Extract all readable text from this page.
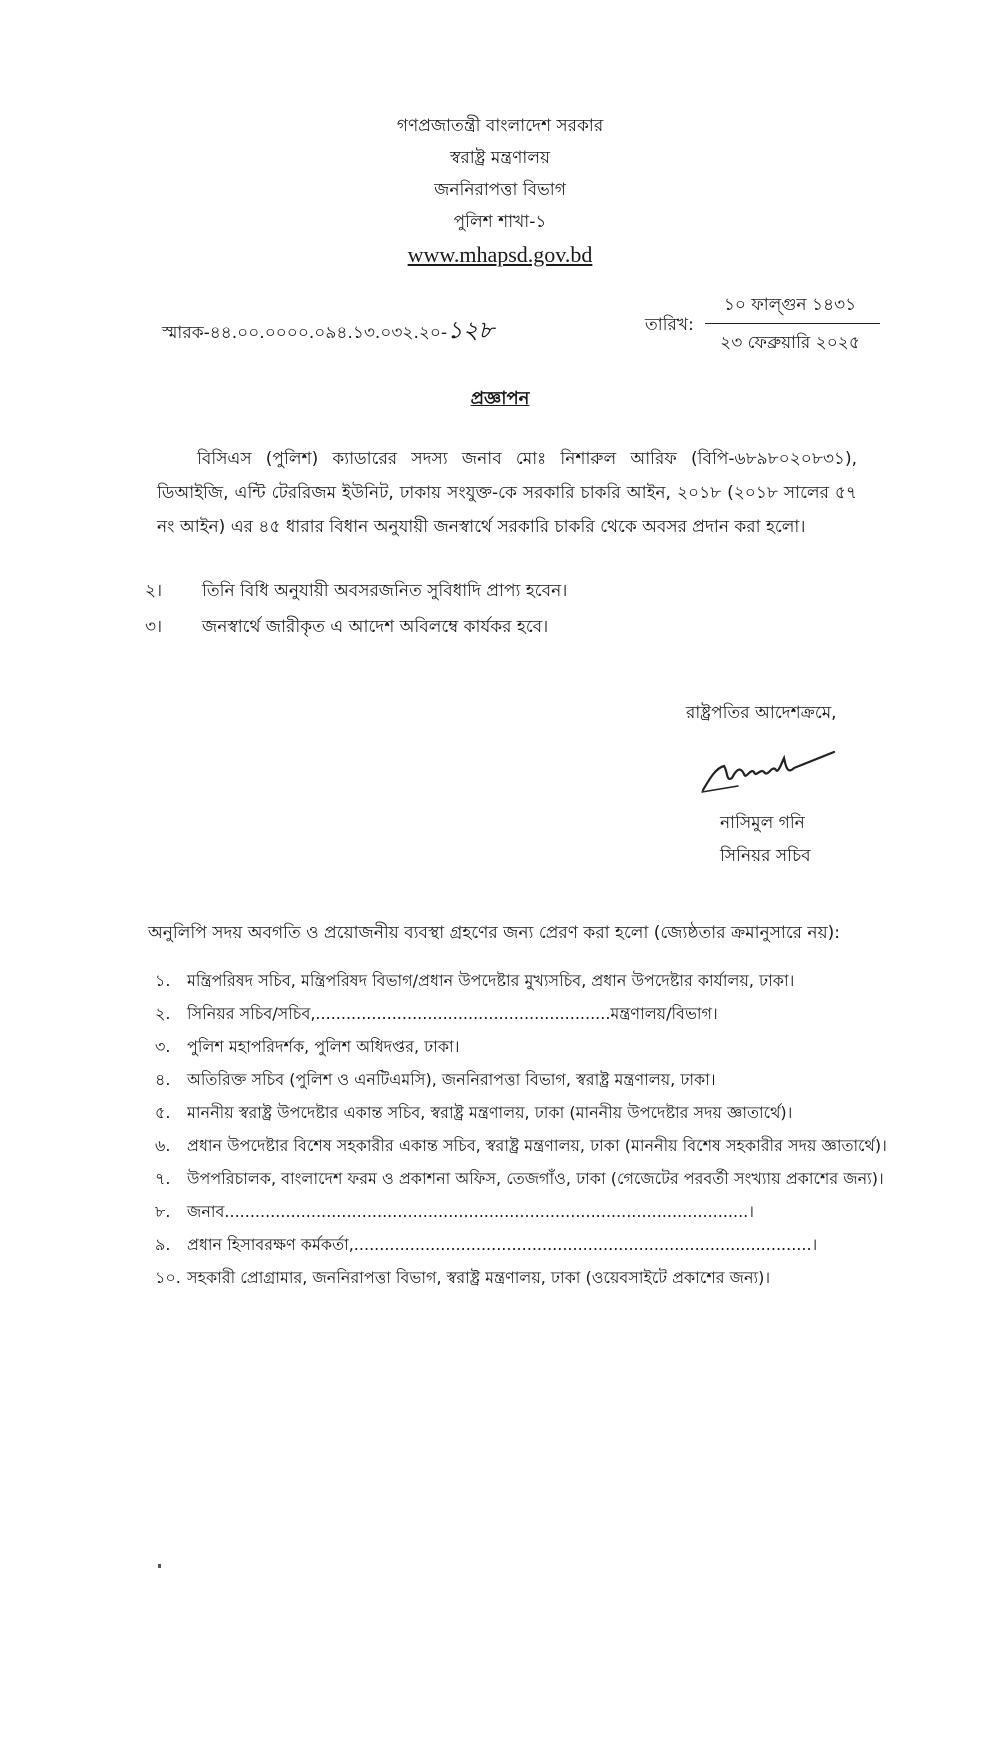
গণপ্রজাতন্ত্রী বাংলাদেশ সরকার
স্বরাষ্ট্র মন্ত্রণালয়
জননিরাপত্তা বিভাগ
পুলিশ শাখা-১
www.mhapsd.gov.bd
স্মারক-৪৪.০০.০০০০.০৯৪.১৩.০৩২.২০-১২৮	তারিখ:
১০ ফাল্গুন ১৪৩১
২৩ ফেব্রুয়ারি ২০২৫
প্রজ্ঞাপন
বিসিএস (পুলিশ) ক্যাডারের সদস্য জনাব মোঃ নিশারুল আরিফ (বিপি-৬৮৯৮০২০৮৩১), ডিআইজি, এন্টি টেররিজম ইউনিট, ঢাকায় সংযুক্ত-কে সরকারি চাকরি আইন, ২০১৮ (২০১৮ সালের ৫৭ নং আইন) এর ৪৫ ধারার বিধান অনুযায়ী জনস্বার্থে সরকারি চাকরি থেকে অবসর প্রদান করা হলো।
২। তিনি বিধি অনুযায়ী অবসরজনিত সুবিধাদি প্রাপ্য হবেন।
৩। জনস্বার্থে জারীকৃত এ আদেশ অবিলম্বে কার্যকর হবে।
রাষ্ট্রপতির আদেশক্রমে,
নাসিমুল গনি
সিনিয়র সচিব
অনুলিপি সদয় অবগতি ও প্রয়োজনীয় ব্যবস্থা গ্রহণের জন্য প্রেরণ করা হলো (জ্যেষ্ঠতার ক্রমানুসারে নয়):
১. মন্ত্রিপরিষদ সচিব, মন্ত্রিপরিষদ বিভাগ/প্রধান উপদেষ্টার মুখ্যসচিব, প্রধান উপদেষ্টার কার্যালয়, ঢাকা।
২. সিনিয়র সচিব/সচিব,..........................................................মন্ত্রণালয়/বিভাগ।
৩. পুলিশ মহাপরিদর্শক, পুলিশ অধিদপ্তর, ঢাকা।
৪. অতিরিক্ত সচিব (পুলিশ ও এনটিএমসি), জননিরাপত্তা বিভাগ, স্বরাষ্ট্র মন্ত্রণালয়, ঢাকা।
৫. মাননীয় স্বরাষ্ট্র উপদেষ্টার একান্ত সচিব, স্বরাষ্ট্র মন্ত্রণালয়, ঢাকা (মাননীয় উপদেষ্টার সদয় জ্ঞাতার্থে)।
৬. প্রধান উপদেষ্টার বিশেষ সহকারীর একান্ত সচিব, স্বরাষ্ট্র মন্ত্রণালয়, ঢাকা (মাননীয় বিশেষ সহকারীর সদয় জ্ঞাতার্থে)।
৭. উপপরিচালক, বাংলাদেশ ফরম ও প্রকাশনা অফিস, তেজগাঁও, ঢাকা (গেজেটের পরবর্তী সংখ্যায় প্রকাশের জন্য)।
৮. জনাব.......................................................................................................।
৯. প্রধান হিসাবরক্ষণ কর্মকর্তা,..........................................................................................।
১০. সহকারী প্রোগ্রামার, জননিরাপত্তা বিভাগ, স্বরাষ্ট্র মন্ত্রণালয়, ঢাকা (ওয়েবসাইটে প্রকাশের জন্য)।
